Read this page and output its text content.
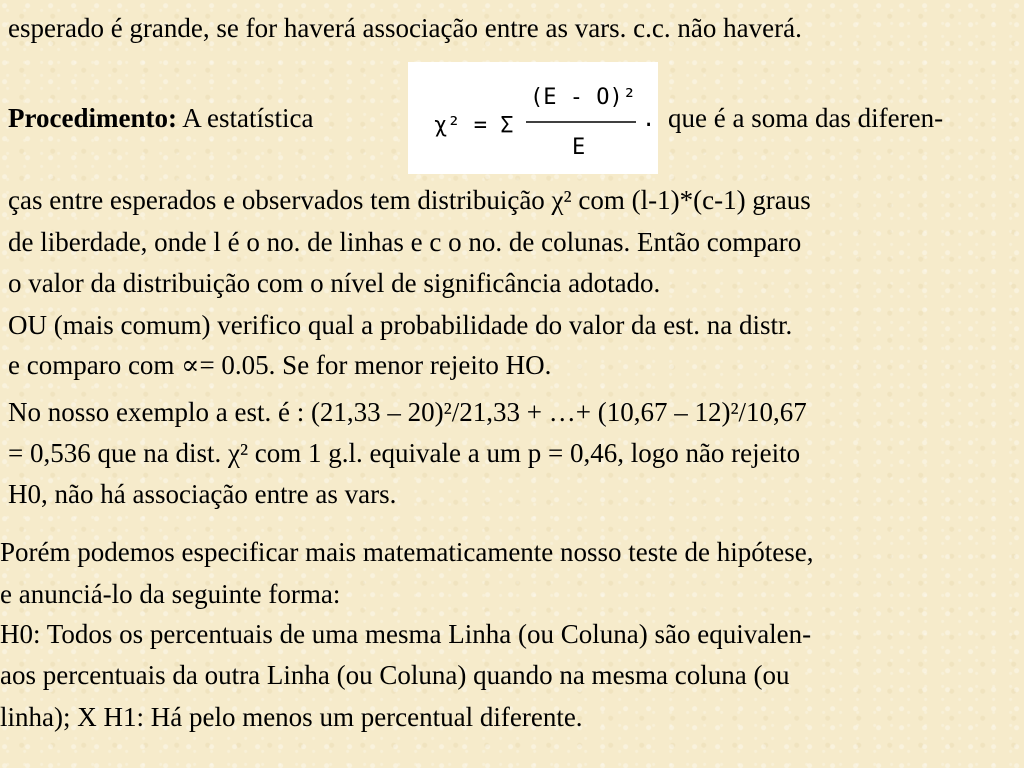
esperado é grande, se for haverá associação entre as vars. c.c. não haverá.
Procedimento: A estatística	χ² = Σ
(E - O)²
E
. que é a soma das diferen-
ças entre esperados e observados tem distribuição χ² com (l-1)*(c-1) graus
de liberdade, onde l é o no. de linhas e c o no. de colunas. Então comparo
o valor da distribuição com o nível de significância adotado.
OU (mais comum) verifico qual a probabilidade do valor da est. na distr.
e comparo com ∝= 0.05. Se for menor rejeito HO.
No nosso exemplo a est. é : (21,33 – 20)²/21,33 + …+ (10,67 – 12)²/10,67
= 0,536 que na dist. χ² com 1 g.l. equivale a um p = 0,46, logo não rejeito
H0, não há associação entre as vars.
Porém podemos especificar mais matematicamente nosso teste de hipótese,
e anunciá-lo da seguinte forma:
H0: Todos os percentuais de uma mesma Linha (ou Coluna) são equivalen-
aos percentuais da outra Linha (ou Coluna) quando na mesma coluna (ou
linha); X H1: Há pelo menos um percentual diferente.
